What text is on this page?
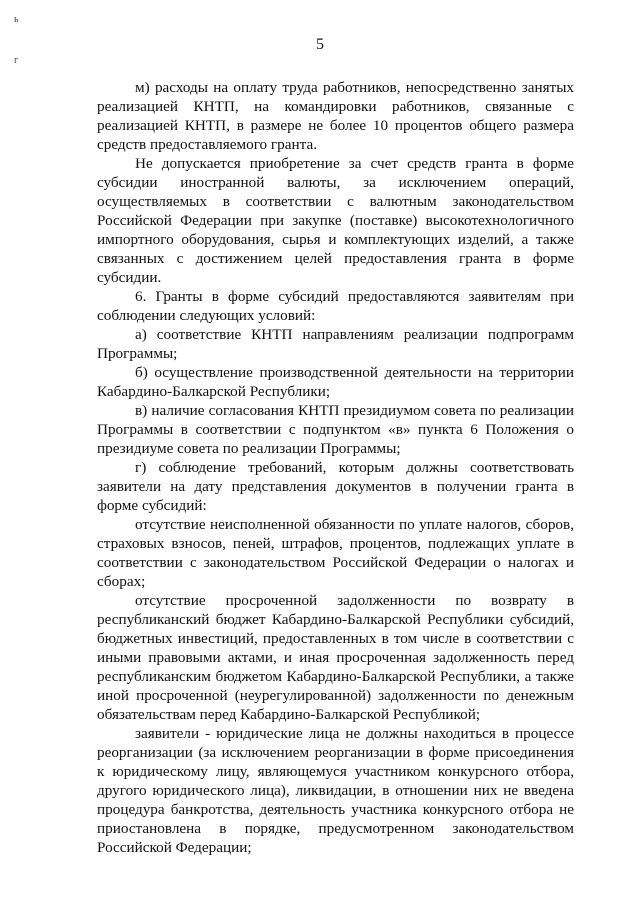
ь
г
5

м) расходы на оплату труда работников, непосредственно занятых реализацией КНТП, на командировки работников, связанные с реализацией КНТП, в размере не более 10 процентов общего размера средств предоставляемого гранта.

Не допускается приобретение за счет средств гранта в форме субсидии иностранной валюты, за исключением операций, осуществляемых в соответствии с валютным законодательством Российской Федерации при закупке (поставке) высокотехнологичного импортного оборудования, сырья и комплектующих изделий, а также связанных с достижением целей предоставления гранта в форме субсидии.

6. Гранты в форме субсидий предоставляются заявителям при соблюдении следующих условий:

а) соответствие КНТП направлениям реализации подпрограмм Программы;

б) осуществление производственной деятельности на территории Кабардино-Балкарской Республики;

в) наличие согласования КНТП президиумом совета по реализации Программы в соответствии с подпунктом «в» пункта 6 Положения о президиуме совета по реализации Программы;

г) соблюдение требований, которым должны соответствовать заявители на дату представления документов в получении гранта в форме субсидий:

отсутствие неисполненной обязанности по уплате налогов, сборов, страховых взносов, пеней, штрафов, процентов, подлежащих уплате в соответствии с законодательством Российской Федерации о налогах и сборах;

отсутствие просроченной задолженности по возврату в республиканский бюджет Кабардино-Балкарской Республики субсидий, бюджетных инвестиций, предоставленных в том числе в соответствии с иными правовыми актами, и иная просроченная задолженность перед республиканским бюджетом Кабардино-Балкарской Республики, а также иной просроченной (неурегулированной) задолженности по денежным обязательствам перед Кабардино-Балкарской Республикой;

заявители - юридические лица не должны находиться в процессе реорганизации (за исключением реорганизации в форме присоединения к юридическому лицу, являющемуся участником конкурсного отбора, другого юридического лица), ликвидации, в отношении них не введена процедура банкротства, деятельность участника конкурсного отбора не приостановлена в порядке, предусмотренном законодательством Российской Федерации;
